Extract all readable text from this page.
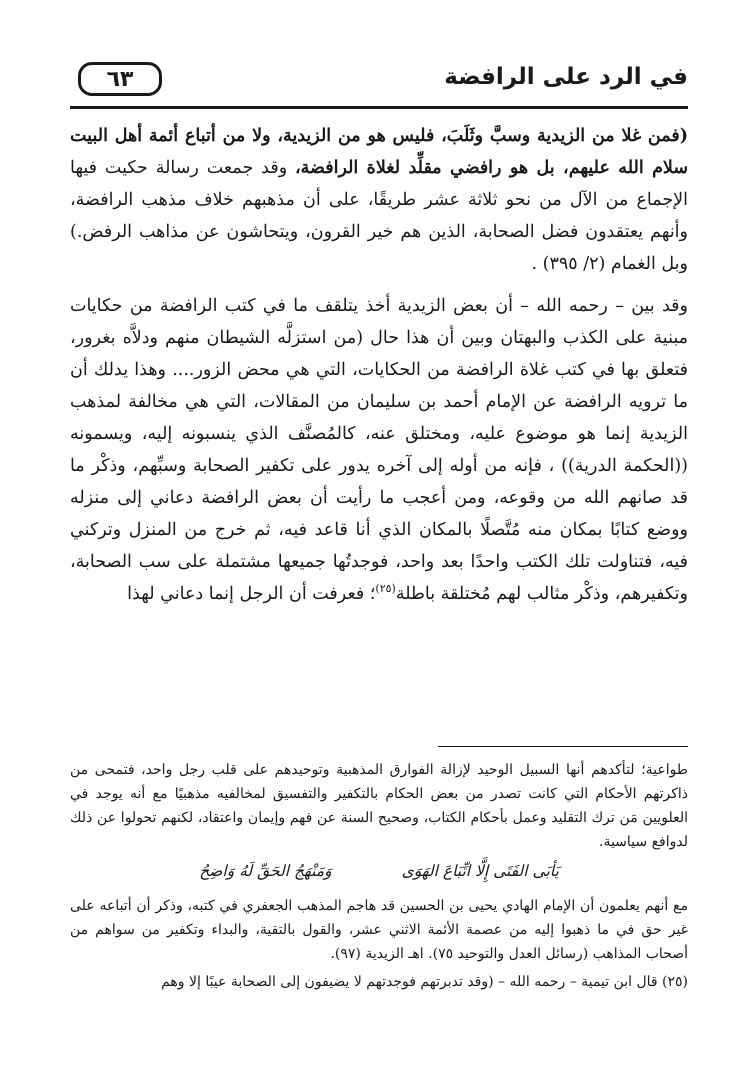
في الرد على الرافضة
٦٣

(فمن غلا من الزيدية وسبَّ وثَلَبَ، فليس هو من الزيدية، ولا من أتباع أئمة أهل البيت سلام الله عليهم، بل هو رافضي مقلِّد لغلاة الرافضة، وقد جمعت رسالة حكيت فيها الإجماع من الآل من نحو ثلاثة عشر طريقًا، على أن مذهبهم خلاف مذهب الرافضة، وأنهم يعتقدون فضل الصحابة، الذين هم خير القرون، ويتحاشون عن مذاهب الرفض.) وبل الغمام (٢/ ٣٩٥) .

وقد بين – رحمه الله – أن بعض الزيدية أخذ يتلقف ما في كتب الرافضة من حكايات مبنية على الكذب والبهتان وبين أن هذا حال (من استزلَّه الشيطان منهم ودلاَّه بغرور، فتعلق بها في كتب غلاة الرافضة من الحكايات، التي هي محض الزور.... وهذا يدلك أن ما ترويه الرافضة عن الإمام أحمد بن سليمان من المقالات، التي هي مخالفة لمذهب الزيدية إنما هو موضوع عليه، ومختلق عنه، كالمُصنَّف الذي ينسبونه إليه، ويسمونه ((الحكمة الدرية)) ، فإنه من أوله إلى آخره يدور على تكفير الصحابة وسبِّهم، وذكْر ما قد صانهم الله من وقوعه، ومن أعجب ما رأيت أن بعض الرافضة دعاني إلى منزله ووضع كتابًا بمكان منه مُتَّصلًا بالمكان الذي أنا قاعد فيه، ثم خرج من المنزل وتركني فيه، فتناولت تلك الكتب واحدًا بعد واحد، فوجدتُها جميعها مشتملة على سب الصحابة، وتكفيرهم، وذكْر مثالب لهم مُختلقة باطلة$^{(٢٥)}$؛ فعرفت أن الرجل إنما دعاني لهذا

طواعية؛ لتأكدهم أنها السبيل الوحيد لإزالة الفوارق المذهبية وتوحيدهم على قلب رجل واحد، فتمحى من ذاكرتهم الأحكام التي كانت تصدر من بعض الحكام بالتكفير والتفسيق لمخالفيه مذهبيًا مع أنه يوجد في العلويين مَن ترك التقليد وعمل بأحكام الكتاب، وصحيح السنة عن فهم وإيمان واعتقاد، لكنهم تحولوا عن ذلك لدوافع سياسية.

يَأبَى الفَتَى إِلَّا اتِّبَاعَ الهَوَى
وَمَنْهَجُ الحَقِّ لَهُ وَاضِحُ

مع أنهم يعلمون أن الإمام الهادي يحيى بن الحسين قد هاجم المذهب الجعفري في كتبه، وذكر أن أتباعه على غير حق في ما ذهبوا إليه من عصمة الأئمة الاثني عشر، والقول بالتقية، والبداء وتكفير من سواهم من أصحاب المذاهب (رسائل العدل والتوحيد ٧٥). اهـ الزيدية (٩٧).

(٢٥) قال ابن تيمية – رحمه الله – (وقد تدبرتهم فوجدتهم لا يضيفون إلى الصحابة عيبًا إلا وهم
